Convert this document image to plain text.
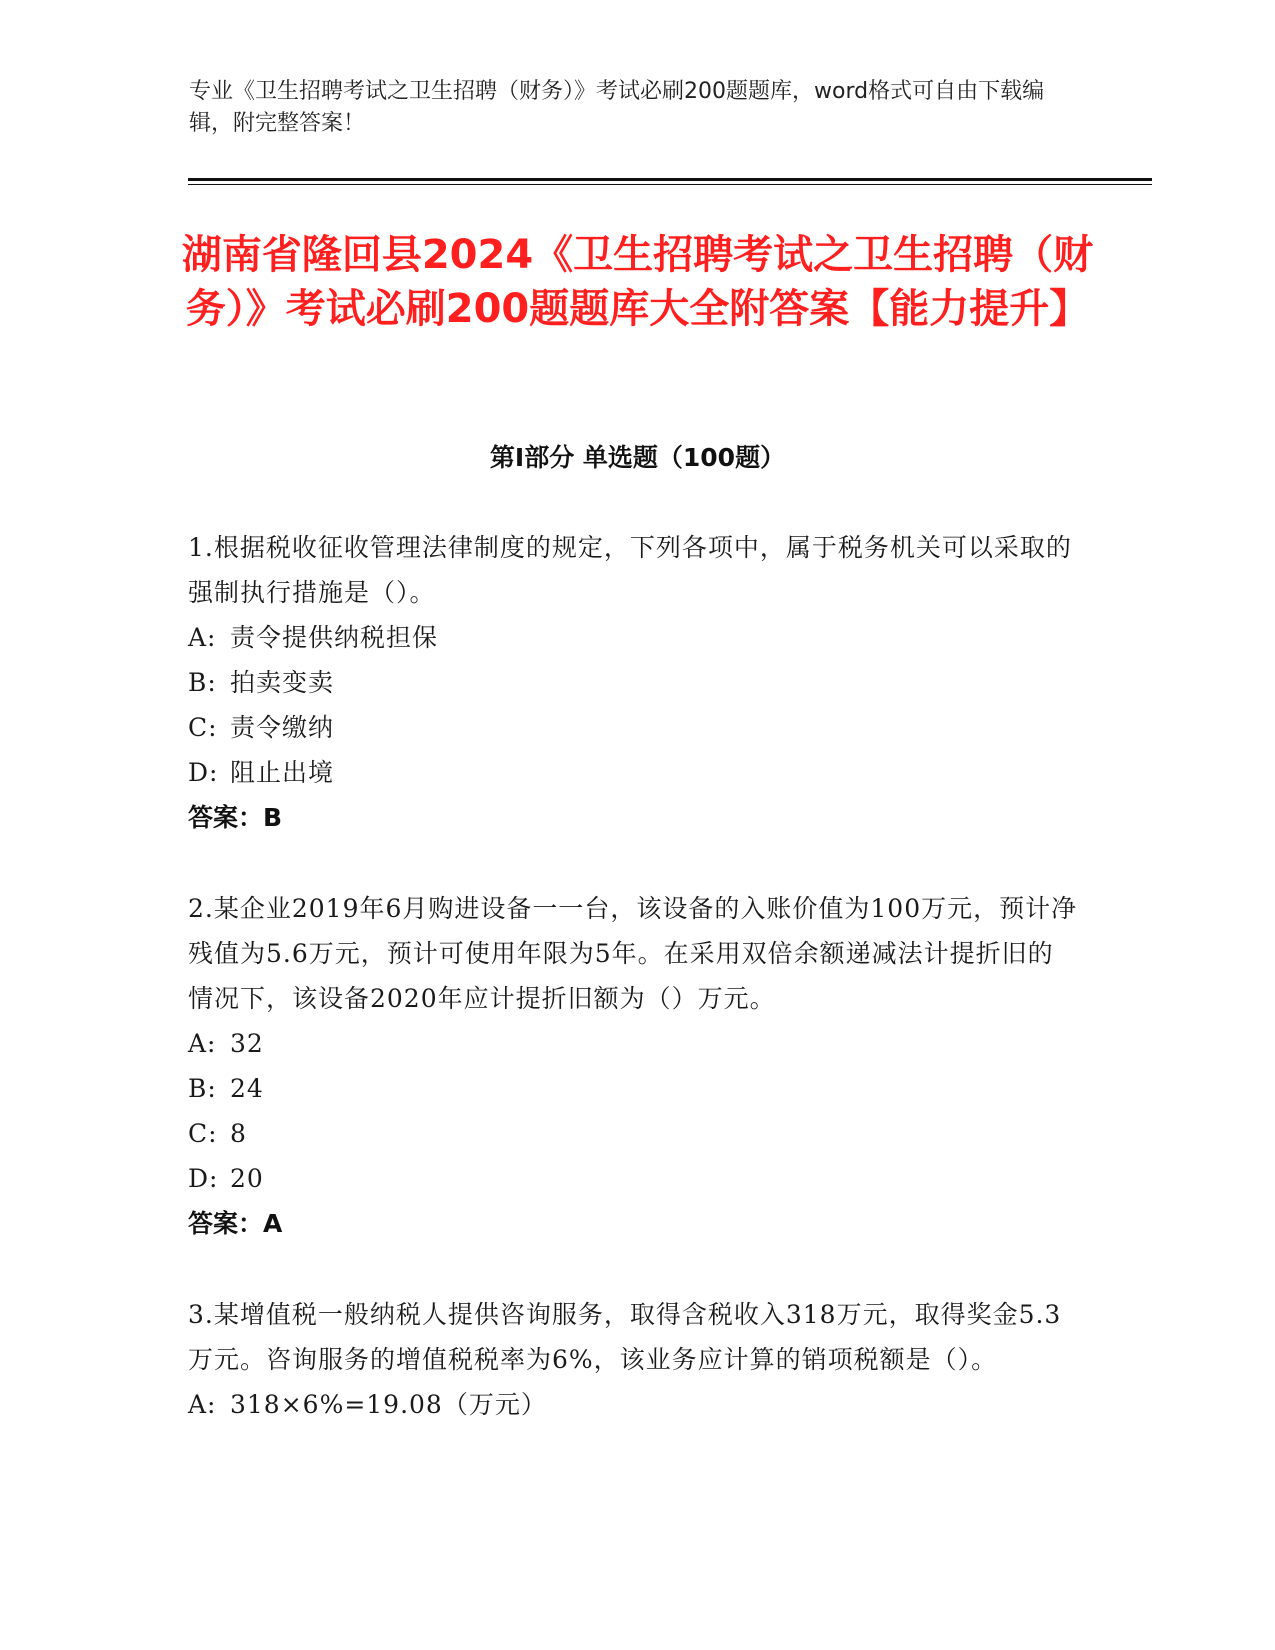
专业《卫生招聘考试之卫生招聘（财务）》考试必刷200题题库，word格式可自由下载编辑，附完整答案！
湖南省隆回县2024《卫生招聘考试之卫生招聘（财务）》考试必刷200题题库大全附答案【能力提升】
第I部分 单选题（100题）
1.根据税收征收管理法律制度的规定，下列各项中，属于税务机关可以采取的强制执行措施是（）。
A: 责令提供纳税担保
B: 拍卖变卖
C: 责令缴纳
D: 阻止出境
答案：B
2.某企业2019年6月购进设备一一台，该设备的入账价值为100万元，预计净残值为5.6万元，预计可使用年限为5年。在采用双倍余额递减法计提折旧的情况下，该设备2020年应计提折旧额为（）万元。
A: 32
B: 24
C: 8
D: 20
答案：A
3.某增值税一般纳税人提供咨询服务，取得含税收入318万元，取得奖金5.3万元。咨询服务的增值税税率为6%，该业务应计算的销项税额是（）。
A: 318×6%=19.08（万元）
